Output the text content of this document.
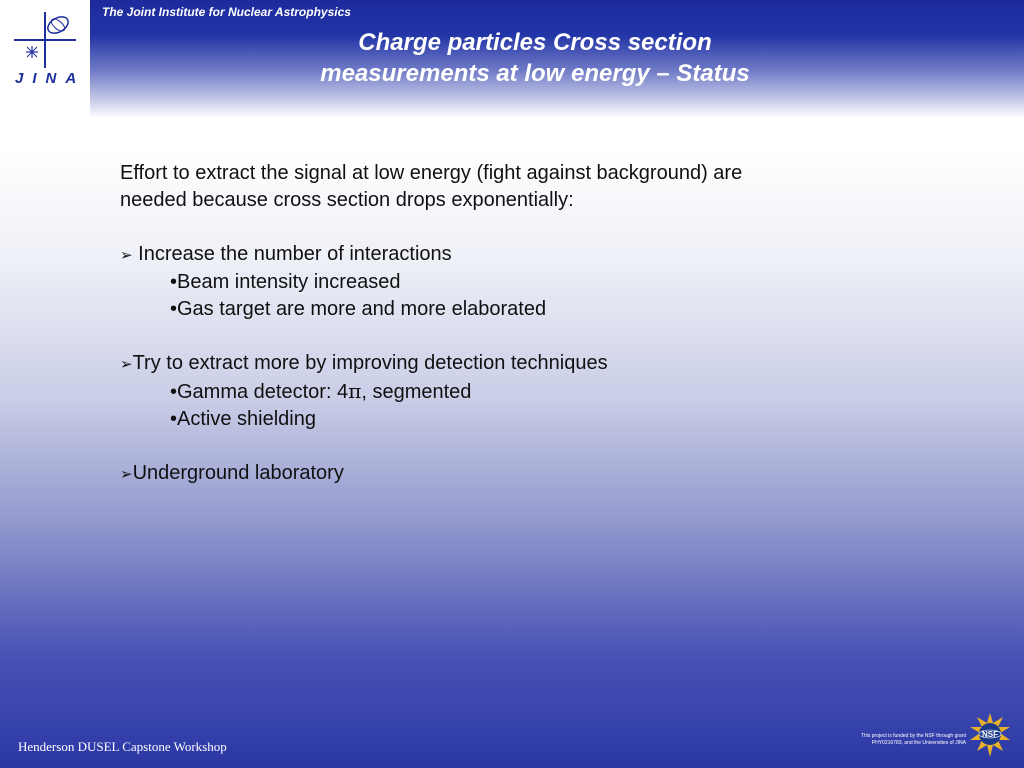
JINA
The Joint Institute for Nuclear Astrophysics
Charge particles Cross section
measurements at low energy – Status

Effort to extract the signal at low energy (fight against background) are

needed because cross section drops exponentially:

➢ Increase the number of interactions

•Beam intensity increased

•Gas target are more and more elaborated

➢Try to extract more by improving detection techniques

•Gamma detector: 4π, segmented

•Active shielding

➢Underground laboratory

Henderson DUSEL Capstone Workshop
This project is funded by the NSF through grant
PHY0216783, and the Universities of JINA
NSF
